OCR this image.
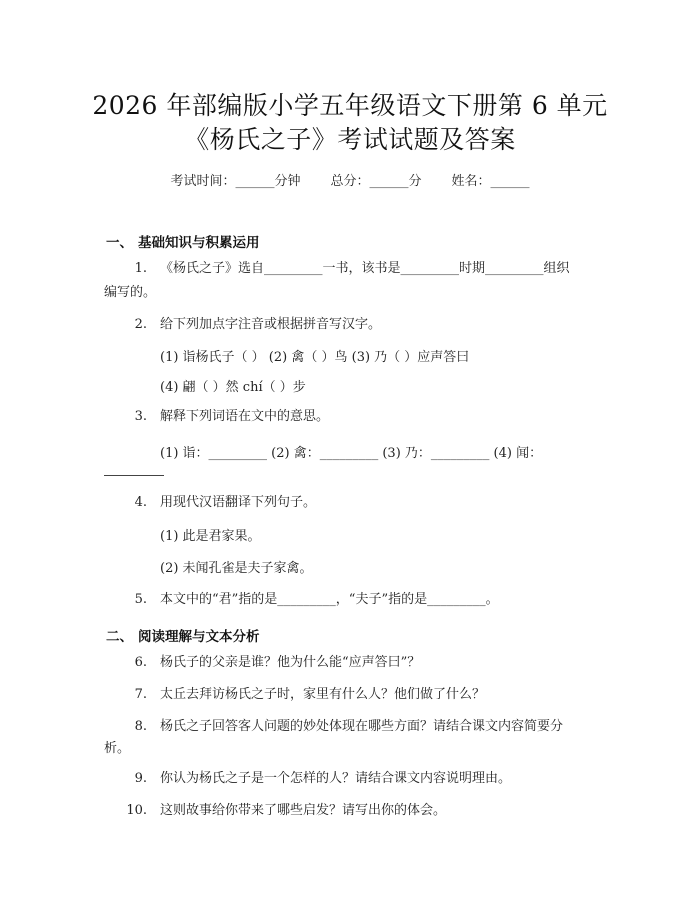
2026 年部编版小学五年级语文下册第 6 单元
《杨氏之子》考试试题及答案
考试时间：______分钟 总分：______分 姓名：______
一、 基础知识与积累运用
1. 《杨氏之子》选自_________一书，该书是_________时期_________组织
编写的。
2. 给下列加点字注音或根据拼音写汉字。
(1) 诣杨氏子（ ） (2) 禽（ ）鸟 (3) 乃（ ）应声答曰
(4) 翩（ ）然 chí（ ）步
3. 解释下列词语在文中的意思。
(1) 诣：_________ (2) 禽：_________ (3) 乃：_________ (4) 闻：
4. 用现代汉语翻译下列句子。
(1) 此是君家果。
(2) 未闻孔雀是夫子家禽。
5. 本文中的“君”指的是_________，“夫子”指的是_________。
二、 阅读理解与文本分析
6. 杨氏子的父亲是谁？他为什么能“应声答曰”？
7. 太丘去拜访杨氏之子时，家里有什么人？他们做了什么？
8. 杨氏之子回答客人问题的妙处体现在哪些方面？请结合课文内容简要分
析。
9. 你认为杨氏之子是一个怎样的人？请结合课文内容说明理由。
10. 这则故事给你带来了哪些启发？请写出你的体会。
